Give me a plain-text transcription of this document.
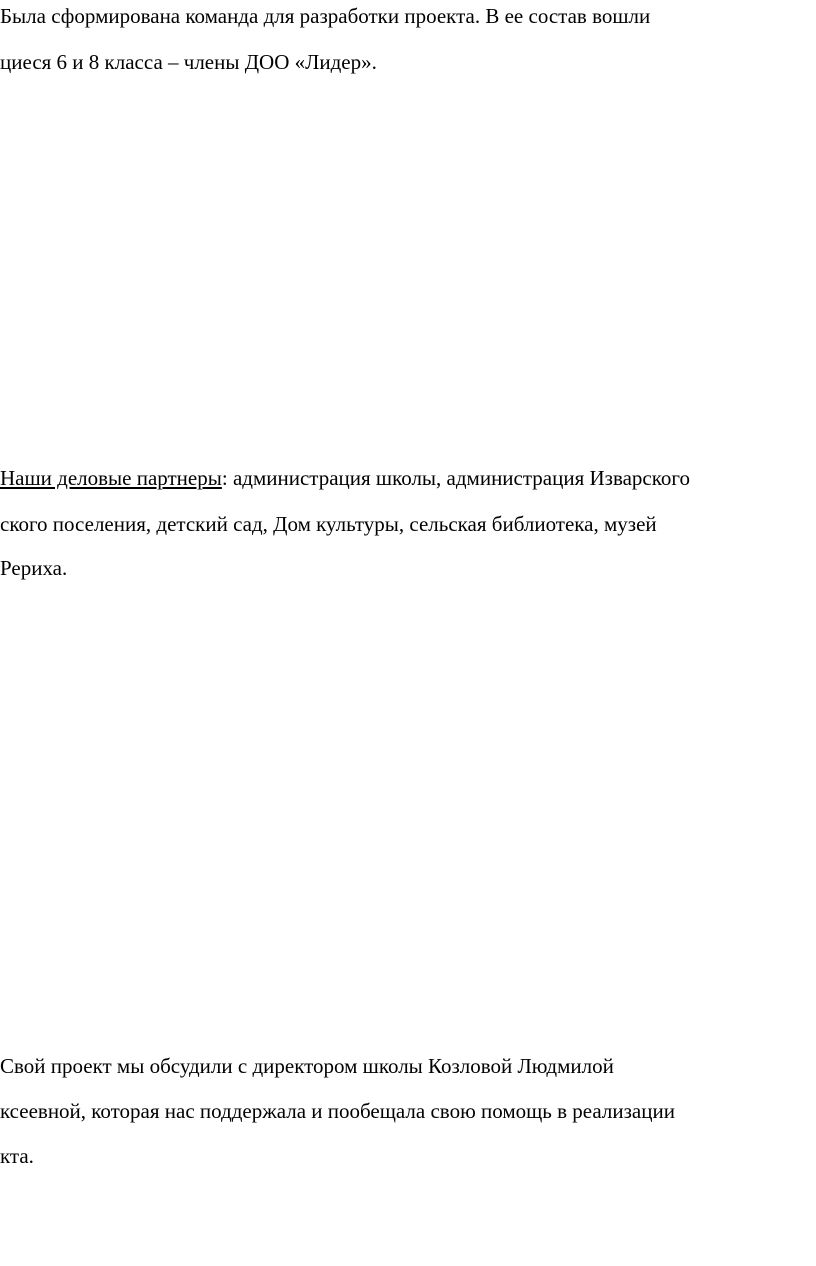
Была сформирована команда для разработки проекта. В ее состав вошли

циеся 6 и 8 класса – члены ДОО «Лидер».

Наши деловые партнеры: администрация школы, администрация Изварского

ского поселения, детский сад, Дом культуры, сельская библиотека, музей

Рериха.

Свой проект мы обсудили с директором школы Козловой Людмилой

ксеевной, которая нас поддержала и пообещала свою помощь в реализации

кта.
